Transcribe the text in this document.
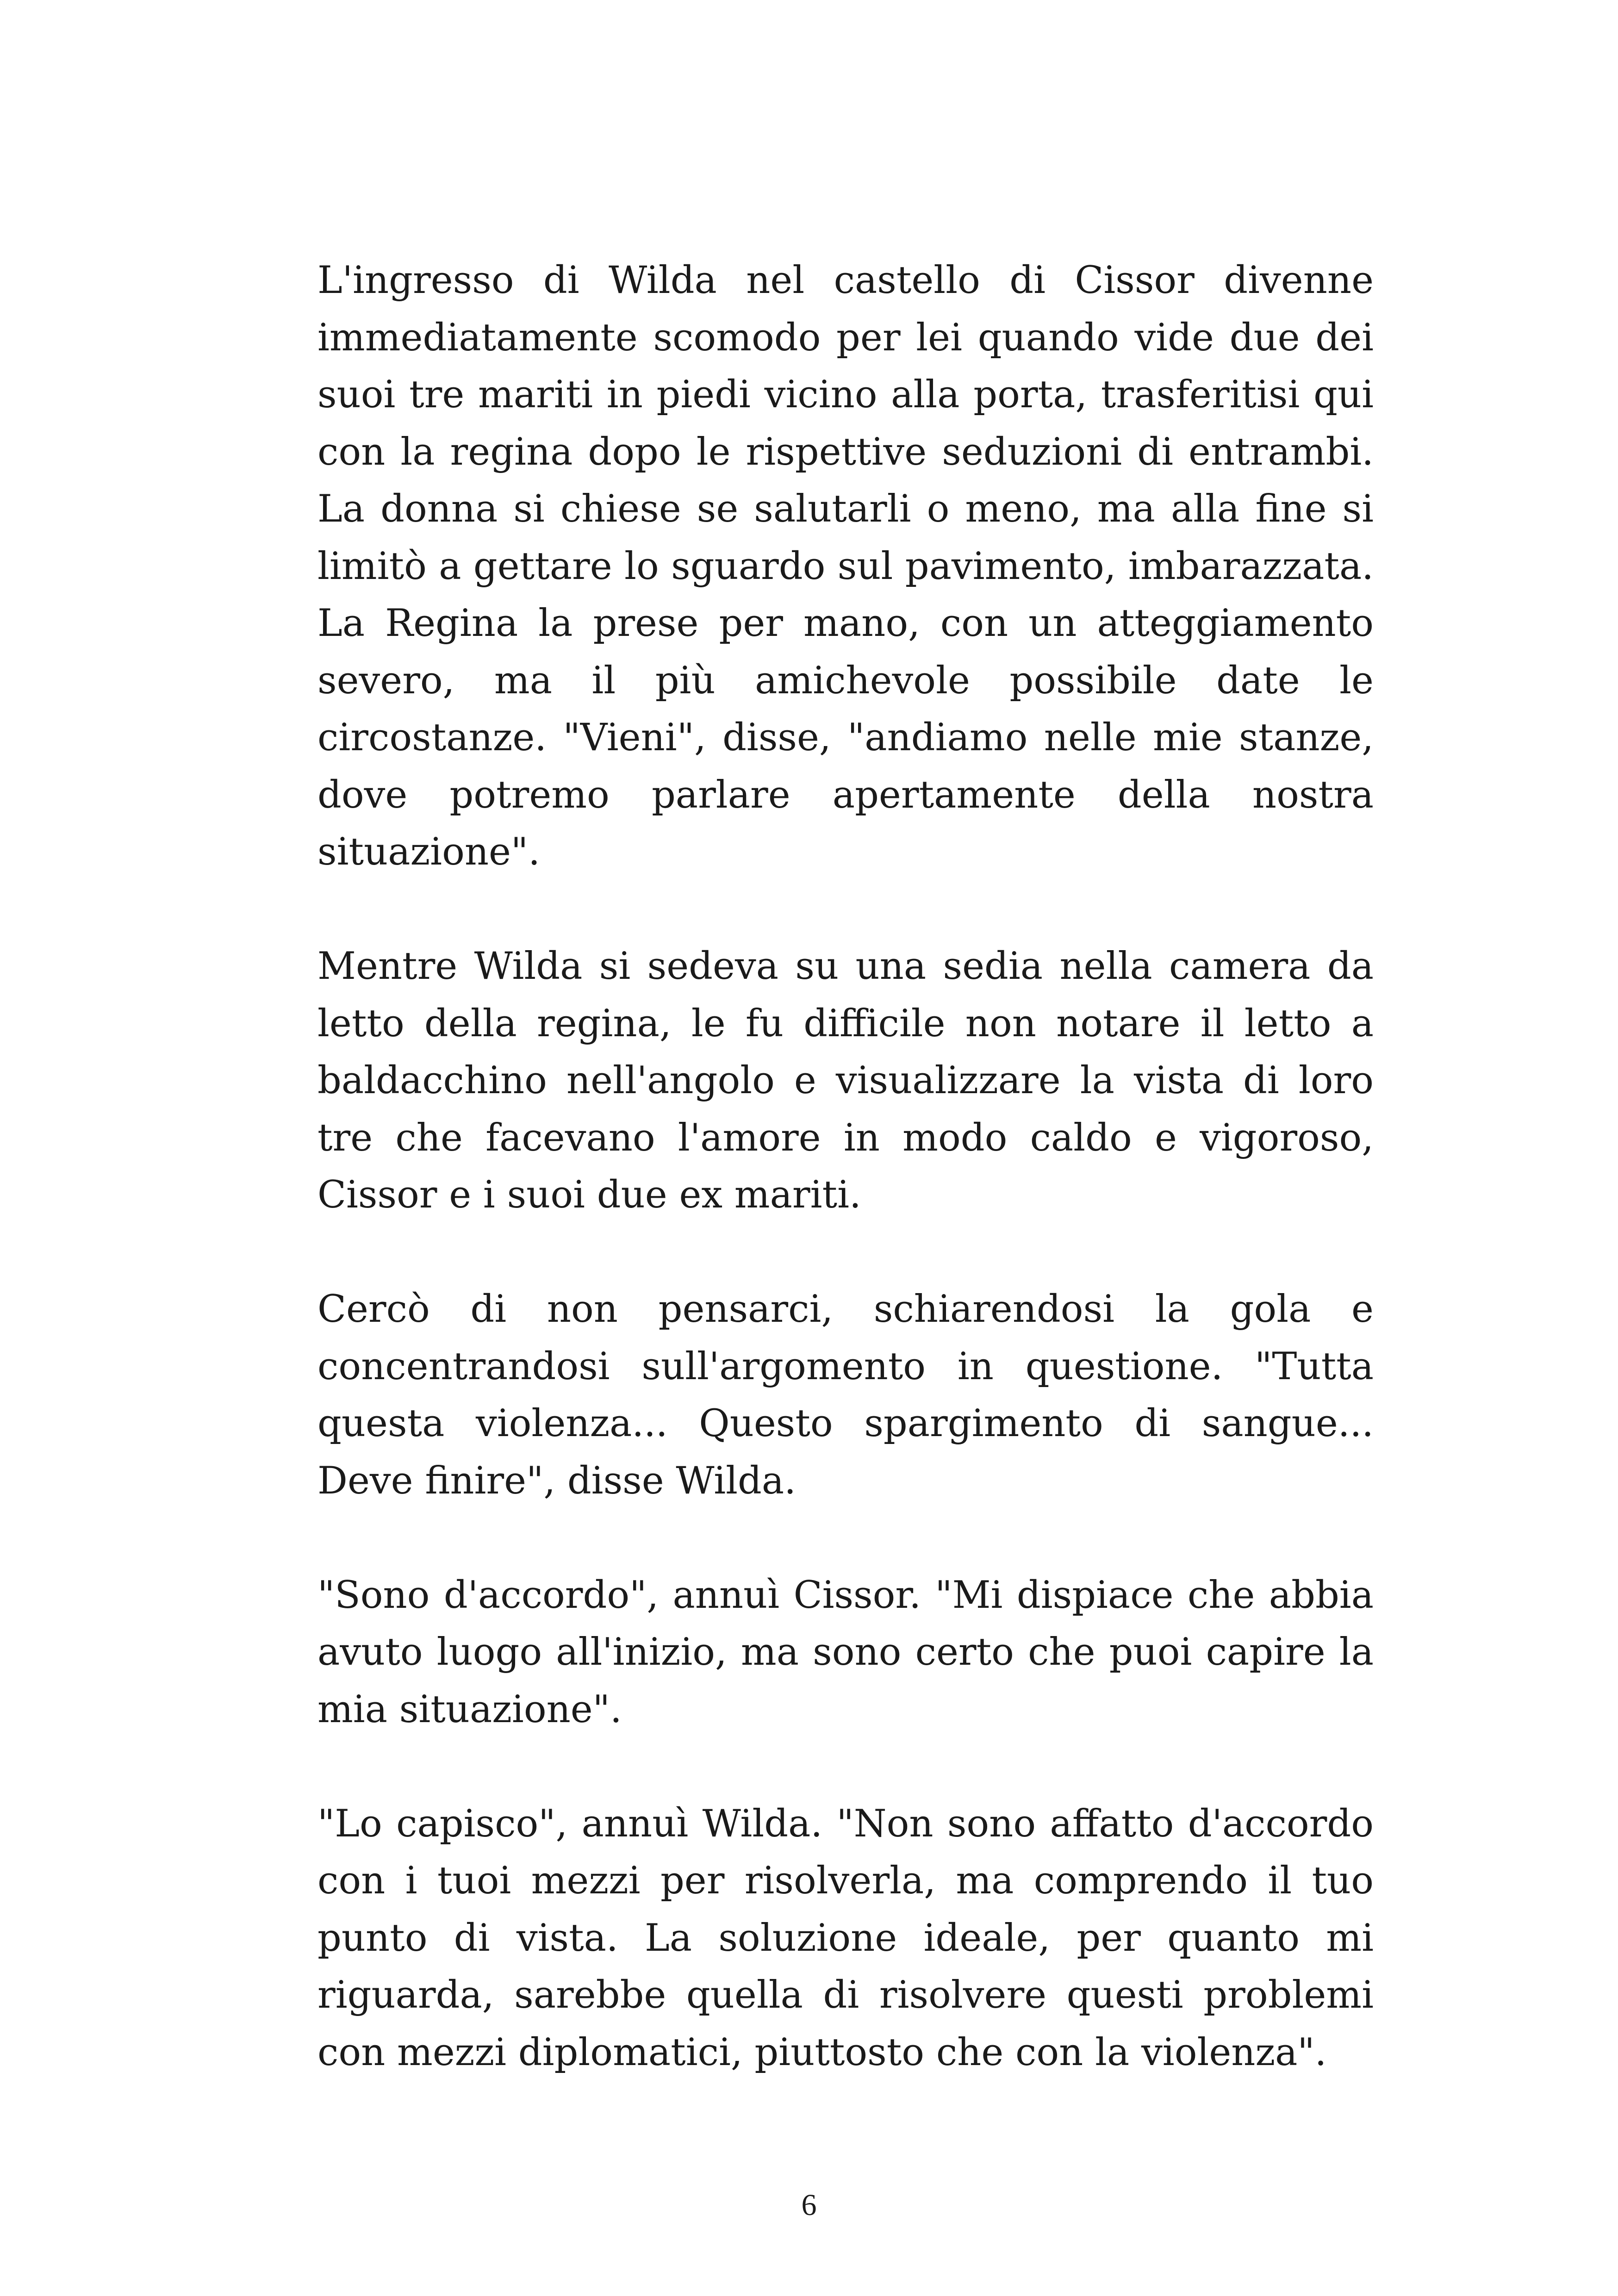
L'ingresso di Wilda nel castello di Cissor divenne immediatamente scomodo per lei quando vide due dei suoi tre mariti in piedi vicino alla porta, trasferitisi qui con la regina dopo le rispettive seduzioni di entrambi. La donna si chiese se salutarli o meno, ma alla fine si limitò a gettare lo sguardo sul pavimento, imbarazzata. La Regina la prese per mano, con un atteggiamento severo, ma il più amichevole possibile date le circostanze. "Vieni", disse, "andiamo nelle mie stanze, dove potremo parlare apertamente della nostra situazione".

Mentre Wilda si sedeva su una sedia nella camera da letto della regina, le fu difficile non notare il letto a baldacchino nell'angolo e visualizzare la vista di loro tre che facevano l'amore in modo caldo e vigoroso, Cissor e i suoi due ex mariti.

Cercò di non pensarci, schiarendosi la gola e concentrandosi sull'argomento in questione. "Tutta questa violenza... Questo spargimento di sangue... Deve finire", disse Wilda.

"Sono d'accordo", annuì Cissor. "Mi dispiace che abbia avuto luogo all'inizio, ma sono certo che puoi capire la mia situazione".

"Lo capisco", annuì Wilda. "Non sono affatto d'accordo con i tuoi mezzi per risolverla, ma comprendo il tuo punto di vista. La soluzione ideale, per quanto mi riguarda, sarebbe quella di risolvere questi problemi con mezzi diplomatici, piuttosto che con la violenza".

6
